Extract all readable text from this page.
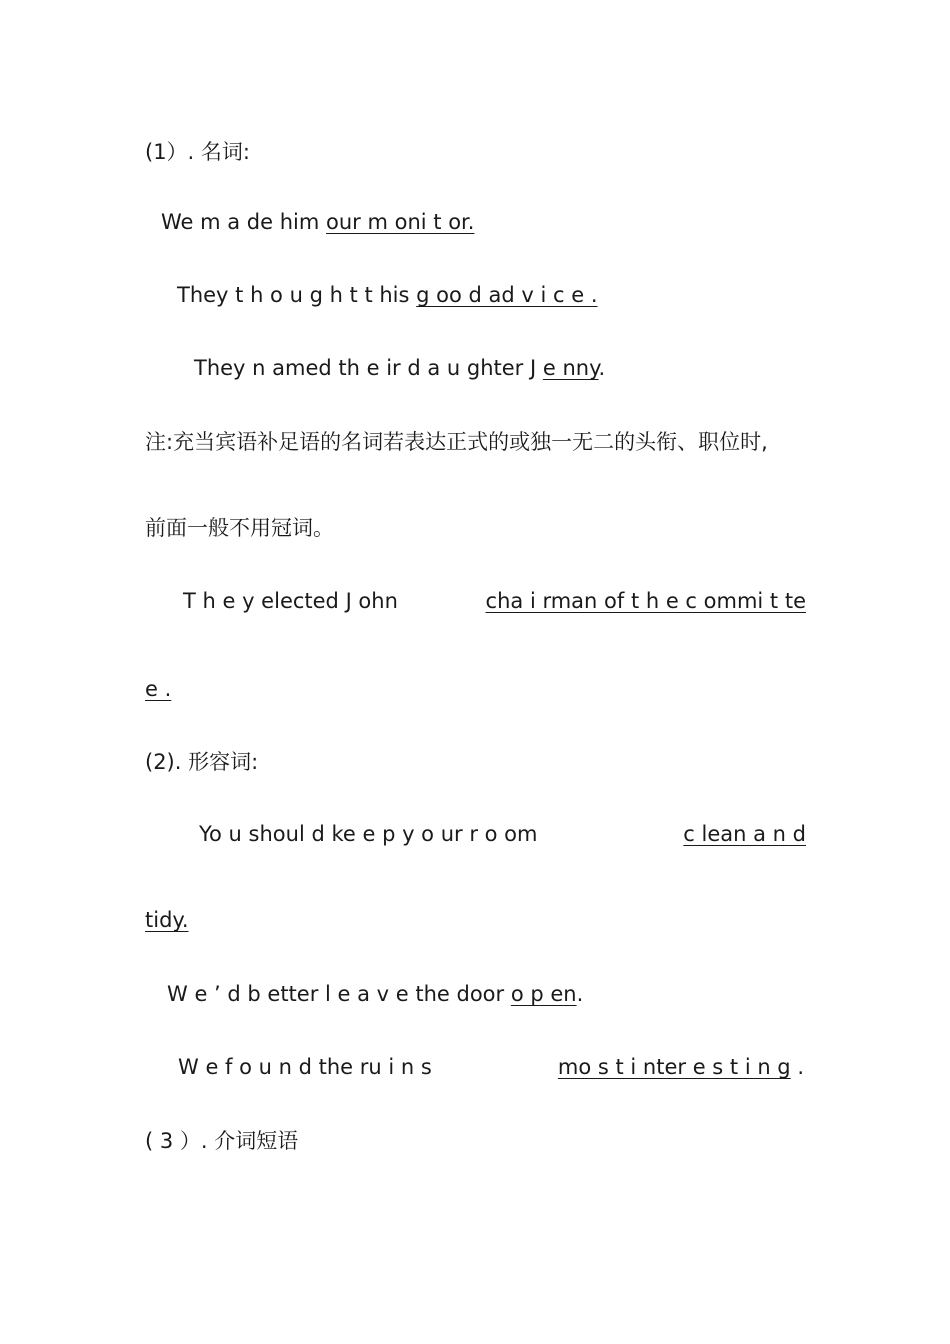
(1）. 名词:
We m a de him our m oni t or.
They t h o u g h t t his g oo d ad v i c e .
They n amed th e ir d a u ghter J e nny.
注:充当宾语补足语的名词若表达正式的或独一无二的头衔、职位时,
前面一般不用冠词。
T h e y elected J ohn	cha i rman of t h e c ommi t te
e .
(2). 形容词:
Yo u shoul d ke e p y o ur r o om	c lean a n d
tidy.
W e ’ d b etter l e a v e the door o p en.
W e f o u n d the ru i n s	mo s t i nter e s t i n g .
( 3 ）. 介词短语
